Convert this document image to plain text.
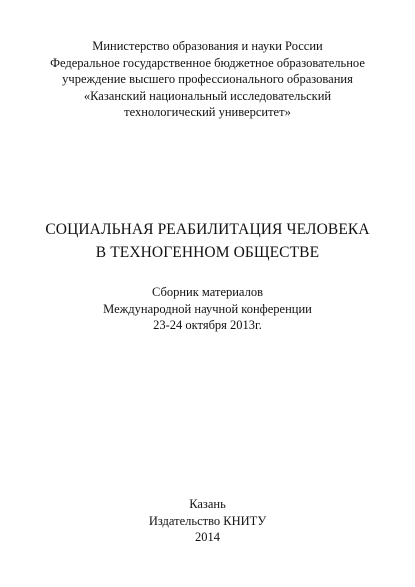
Министерство образования и науки России
Федеральное государственное бюджетное образовательное
учреждение высшего профессионального образования
«Казанский национальный исследовательский
технологический университет»
СОЦИАЛЬНАЯ РЕАБИЛИТАЦИЯ ЧЕЛОВЕКА
В ТЕХНОГЕННОМ ОБЩЕСТВЕ
Сборник материалов
Международной научной конференции
23-24 октября 2013г.
Казань
Издательство КНИТУ
2014
